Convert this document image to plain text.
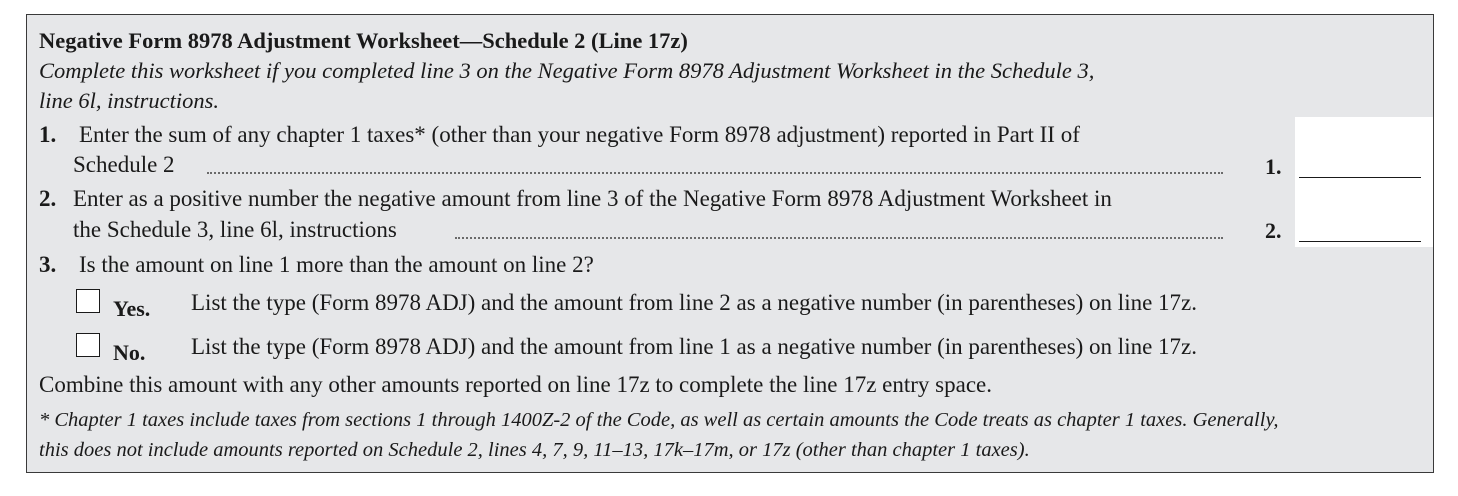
Negative Form 8978 Adjustment Worksheet—Schedule 2 (Line 17z)
Complete this worksheet if you completed line 3 on the Negative Form 8978 Adjustment Worksheet in the Schedule 3,
line 6l, instructions.
1. Enter the sum of any chapter 1 taxes* (other than your negative Form 8978 adjustment) reported in Part II of
Schedule 2	1.
2. Enter as a positive number the negative amount from line 3 of the Negative Form 8978 Adjustment Worksheet in
the Schedule 3, line 6l, instructions	2.
3. Is the amount on line 1 more than the amount on line 2?
Yes. List the type (Form 8978 ADJ) and the amount from line 2 as a negative number (in parentheses) on line 17z.
No. List the type (Form 8978 ADJ) and the amount from line 1 as a negative number (in parentheses) on line 17z.
Combine this amount with any other amounts reported on line 17z to complete the line 17z entry space.
* Chapter 1 taxes include taxes from sections 1 through 1400Z-2 of the Code, as well as certain amounts the Code treats as chapter 1 taxes. Generally,
this does not include amounts reported on Schedule 2, lines 4, 7, 9, 11–13, 17k–17m, or 17z (other than chapter 1 taxes).
